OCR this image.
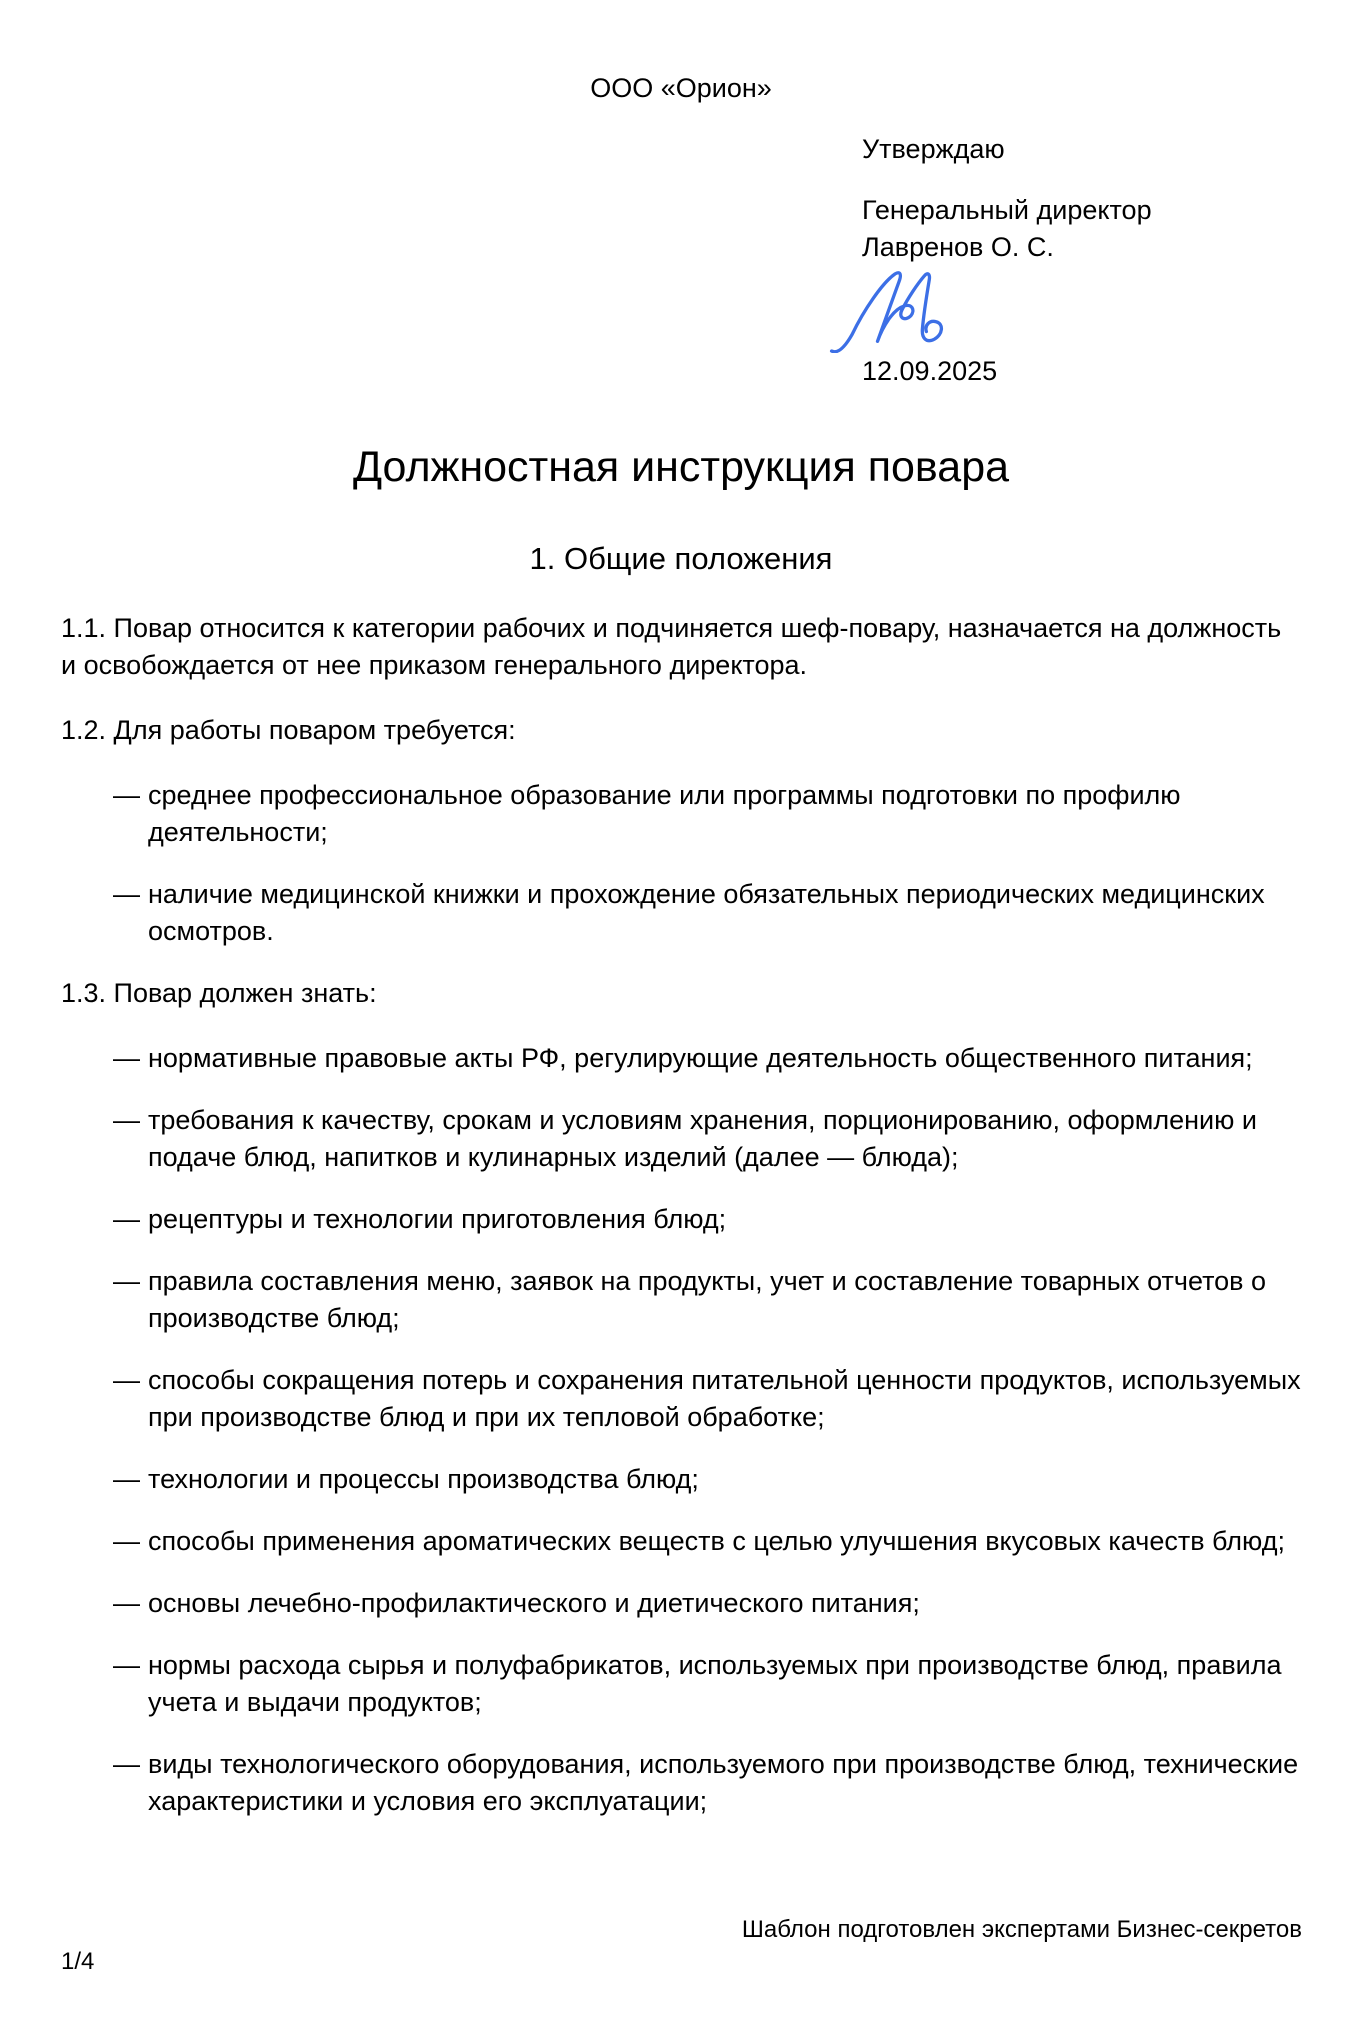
ООО «Орион»

Утверждаю

Генеральный директор

Лавренов О. С.

12.09.2025

Должностная инструкция повара
1. Общие положения

1.1. Повар относится к категории рабочих и подчиняется шеф-повару, назначается на должность и освобождается от нее приказом генерального директора.

1.2. Для работы поваром требуется:

— среднее профессиональное образование или программы подготовки по профилю деятельности;
— наличие медицинской книжки и прохождение обязательных периодических медицинских осмотров.

1.3. Повар должен знать:

— нормативные правовые акты РФ, регулирующие деятельность общественного питания;
— требования к качеству, срокам и условиям хранения, порционированию, оформлению и подаче блюд, напитков и кулинарных изделий (далее — блюда);
— рецептуры и технологии приготовления блюд;
— правила составления меню, заявок на продукты, учет и составление товарных отчетов о производстве блюд;
— способы сокращения потерь и сохранения питательной ценности продуктов, используемых при производстве блюд и при их тепловой обработке;
— технологии и процессы производства блюд;
— способы применения ароматических веществ с целью улучшения вкусовых качеств блюд;
— основы лечебно-профилактического и диетического питания;
— нормы расхода сырья и полуфабрикатов, используемых при производстве блюд, правила учета и выдачи продуктов;
— виды технологического оборудования, используемого при производстве блюд, технические характеристики и условия его эксплуатации;
Шаблон подготовлен экспертами Бизнес-секретов
1/4
